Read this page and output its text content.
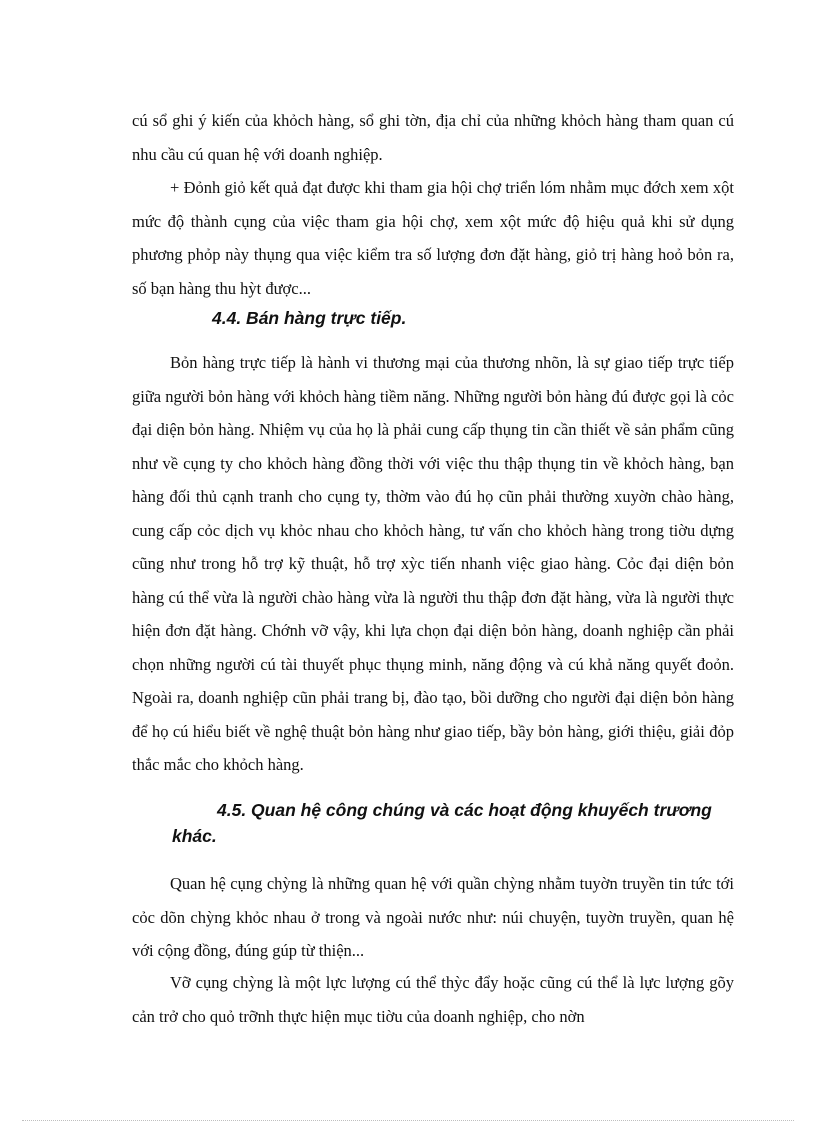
cú sổ ghi ý kiến của khỏch hàng, sổ ghi tờn, địa chỉ của những khỏch hàng tham quan cú nhu cầu cú quan hệ với doanh nghiệp.

+ Đỏnh giỏ kết quả đạt được khi tham gia hội chợ triển lóm nhằm mục đớch xem xột mức độ thành cụng của việc tham gia hội chợ, xem xột mức độ hiệu quả khi sử dụng phương phỏp này thụng qua việc kiểm tra số lượng đơn đặt hàng, giỏ trị hàng hoỏ bỏn ra, số bạn hàng thu hỳt được...

4.4. Bán hàng trực tiếp.

Bỏn hàng trực tiếp là hành vi thương mại của thương nhõn, là sự giao tiếp trực tiếp giữa người bỏn hàng với khỏch hàng tiềm năng. Những người bỏn hàng đú được gọi là cỏc đại diện bỏn hàng. Nhiệm vụ của họ là phải cung cấp thụng tin cần thiết về sản phẩm cũng như về cụng ty cho khỏch hàng đồng thời với việc thu thập thụng tin về khỏch hàng, bạn hàng đối thủ cạnh tranh cho cụng ty, thờm vào đú họ cũn phải thường xuyờn chào hàng, cung cấp cỏc dịch vụ khỏc nhau cho khỏch hàng, tư vấn cho khỏch hàng trong tiờu dựng cũng như trong hỗ trợ kỹ thuật, hỗ trợ xỳc tiến nhanh việc giao hàng. Cỏc đại diện bỏn hàng cú thể vừa là người chào hàng vừa là người thu thập đơn đặt hàng, vừa là người thực hiện đơn đặt hàng. Chớnh vỡ vậy, khi lựa chọn đại diện bỏn hàng, doanh nghiệp cần phải chọn những người cú tài thuyết phục thụng minh, năng động và cú khả năng quyết đoỏn. Ngoài ra, doanh nghiệp cũn phải trang bị, đào tạo, bồi dưỡng cho người đại diện bỏn hàng để họ cú hiểu biết về nghệ thuật bỏn hàng như giao tiếp, bầy bỏn hàng, giới thiệu, giải đỏp thắc mắc cho khỏch hàng.

4.5. Quan hệ công chúng và các hoạt động khuyếch trương khác.

Quan hệ cụng chỳng là những quan hệ với quần chỳng nhằm tuyờn truyền tin tức tới cỏc dõn chỳng khỏc nhau ở trong và ngoài nước như: núi chuyện, tuyờn truyền, quan hệ với cộng đồng, đúng gúp từ thiện...

Vỡ cụng chỳng là một lực lượng cú thể thỳc đẩy hoặc cũng cú thể là lực lượng gõy cản trở cho quỏ trỡnh thực hiện mục tiờu của doanh nghiệp, cho nờn
